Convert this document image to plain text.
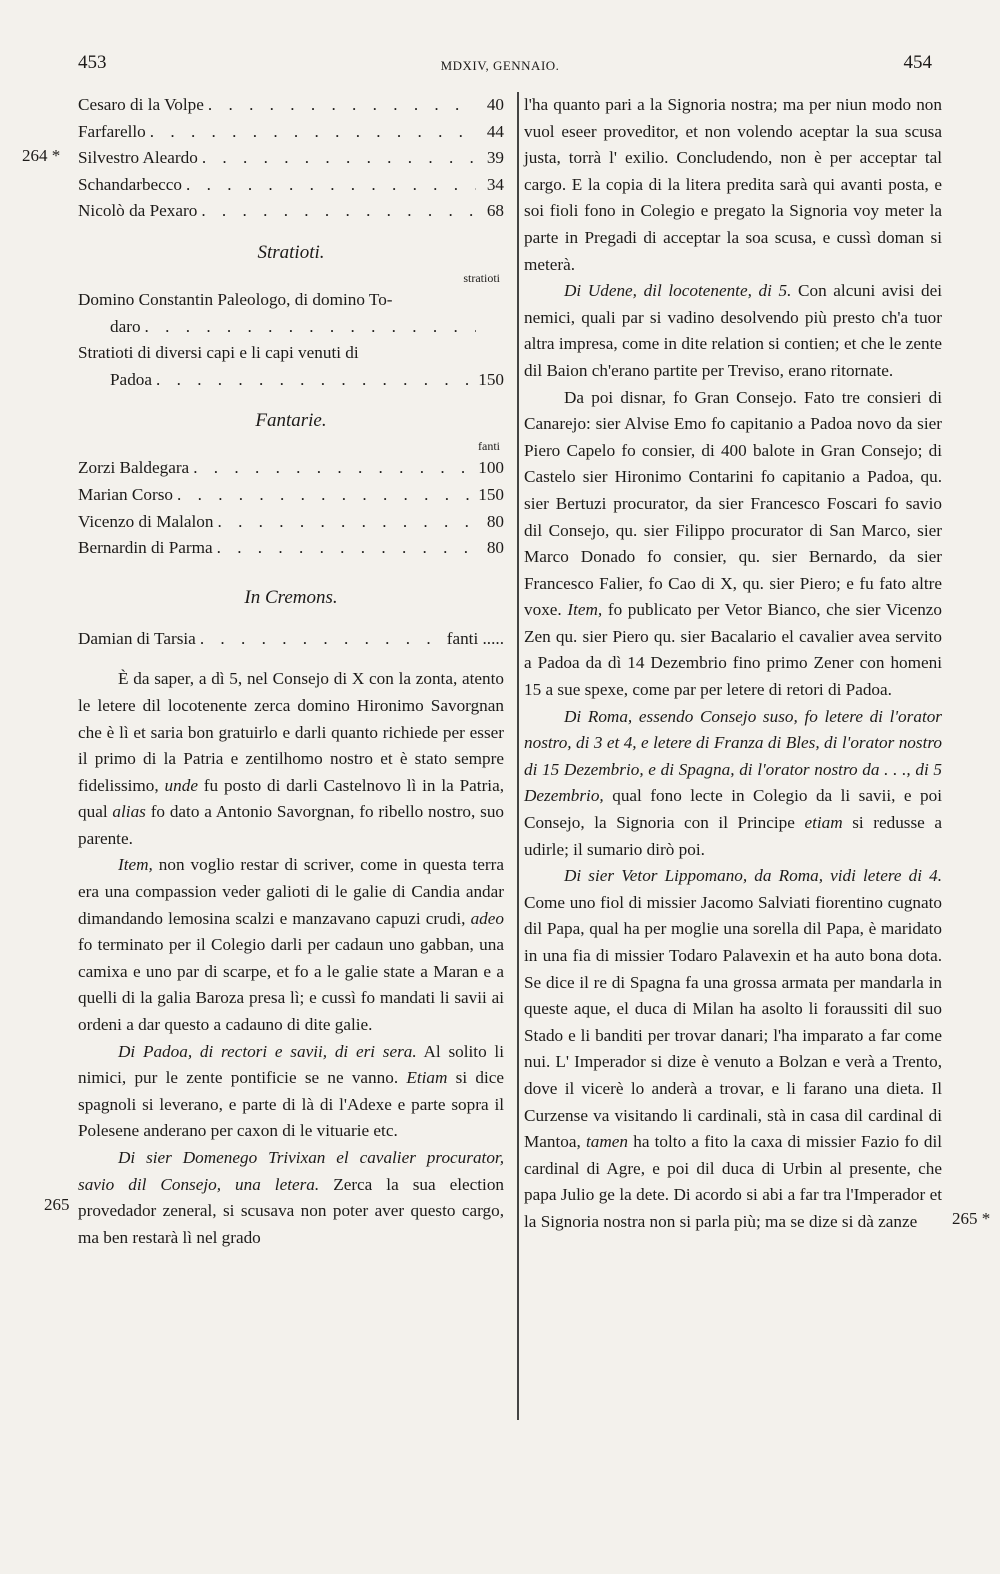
453	MDXIV, GENNAIO.	454
264 *
265
265 *
Cesaro di la Volpe . . .	40
Farfarello . . .	44
Silvestro Aleardo . . .	39
Schandarbecco . . .	34
Nicolò da Pexaro . . .	68
Stratioti.
stratioti
Domino Constantin Paleologo, di domino To-
daro
. . .
Stratioti di diversi capi e li capi venuti di
Padoa . . .	150
Fantarie.
fanti
Zorzi Baldegara . . .	100
Marian Corso . . .	150
Vicenzo di Malalon . . .	80
Bernardin di Parma . . .	80
In Cremons.
Damian di Tarsia . . .	fanti .....

È da saper, a dì 5, nel Consejo di X con la zonta, atento le letere dil locotenente zerca domino Hironimo Savorgnan che è lì et saria bon gratuirlo e darli quanto richiede per esser il primo di la Patria e zentilhomo nostro et è stato sempre fidelissimo, unde fu posto di darli Castelnovo lì in la Patria, qual alias fo dato a Antonio Savorgnan, fo ribello nostro, suo parente.

Item, non voglio restar di scriver, come in questa terra era una compassion veder galioti di le galie di Candia andar dimandando lemosina scalzi e manzavano capuzi crudi, adeo fo terminato per il Colegio darli per cadaun uno gabban, una camixa e uno par di scarpe, et fo a le galie state a Maran e a quelli di la galia Baroza presa lì; e cussì fo mandati li savii ai ordeni a dar questo a cadauno di dite galie.

Di Padoa, di rectori e savii, di eri sera. Al solito li nimici, pur le zente pontificie se ne vanno. Etiam si dice spagnoli si leverano, e parte di là di l'Adexe e parte sopra il Polesene anderano per caxon di le vituarie etc.

Di sier Domenego Trivixan el cavalier procurator, savio dil Consejo, una letera. Zerca la sua election provedador zeneral, si scusava non poter aver questo cargo, ma ben restarà lì nel grado

l'ha quanto pari a la Signoria nostra; ma per niun modo non vuol eseer proveditor, et non volendo aceptar la sua scusa justa, torrà l' exilio. Concludendo, non è per acceptar tal cargo. E la copia di la litera predita sarà qui avanti posta, e soi fioli fono in Colegio e pregato la Signoria voy meter la parte in Pregadi di acceptar la soa scusa, e cussì doman si meterà.

Di Udene, dil locotenente, di 5. Con alcuni avisi dei nemici, quali par si vadino desolvendo più presto ch'a tuor altra impresa, come in dite relation si contien; et che le zente dil Baion ch'erano partite per Treviso, erano ritornate.

Da poi disnar, fo Gran Consejo. Fato tre consieri di Canarejo: sier Alvise Emo fo capitanio a Padoa novo da sier Piero Capelo fo consier, di 400 balote in Gran Consejo; di Castelo sier Hironimo Contarini fo capitanio a Padoa, qu. sier Bertuzi procurator, da sier Francesco Foscari fo savio dil Consejo, qu. sier Filippo procurator di San Marco, sier Marco Donado fo consier, qu. sier Bernardo, da sier Francesco Falier, fo Cao di X, qu. sier Piero; e fu fato altre voxe. Item, fo publicato per Vetor Bianco, che sier Vicenzo Zen qu. sier Piero qu. sier Bacalario el cavalier avea servito a Padoa da dì 14 Dezembrio fino primo Zener con homeni 15 a sue spexe, come par per letere di retori di Padoa.

Di Roma, essendo Consejo suso, fo letere di l'orator nostro, di 3 et 4, e letere di Franza di Bles, di l'orator nostro di 15 Dezembrio, e di Spagna, di l'orator nostro da . . ., di 5 Dezembrio, qual fono lecte in Colegio da li savii, e poi Consejo, la Signoria con il Principe etiam si redusse a udirle; il sumario dirò poi.

Di sier Vetor Lippomano, da Roma, vidi letere di 4. Come uno fiol di missier Jacomo Salviati fiorentino cugnato dil Papa, qual ha per moglie una sorella dil Papa, è maridato in una fia di missier Todaro Palavexin et ha auto bona dota. Se dice il re di Spagna fa una grossa armata per mandarla in queste aque, el duca di Milan ha asolto li foraussiti dil suo Stado e li banditi per trovar danari; l'ha imparato a far come nui. L' Imperador si dize è venuto a Bolzan e verà a Trento, dove il vicerè lo anderà a trovar, e li farano una dieta. Il Curzense va visitando li cardinali, stà in casa dil cardinal di Mantoa, tamen ha tolto a fito la caxa di missier Fazio fo dil cardinal di Agre, e poi dil duca di Urbin al presente, che papa Julio ge la dete. Di acordo si abi a far tra l'Imperador et la Signoria nostra non si parla più; ma se dize si dà zanze
